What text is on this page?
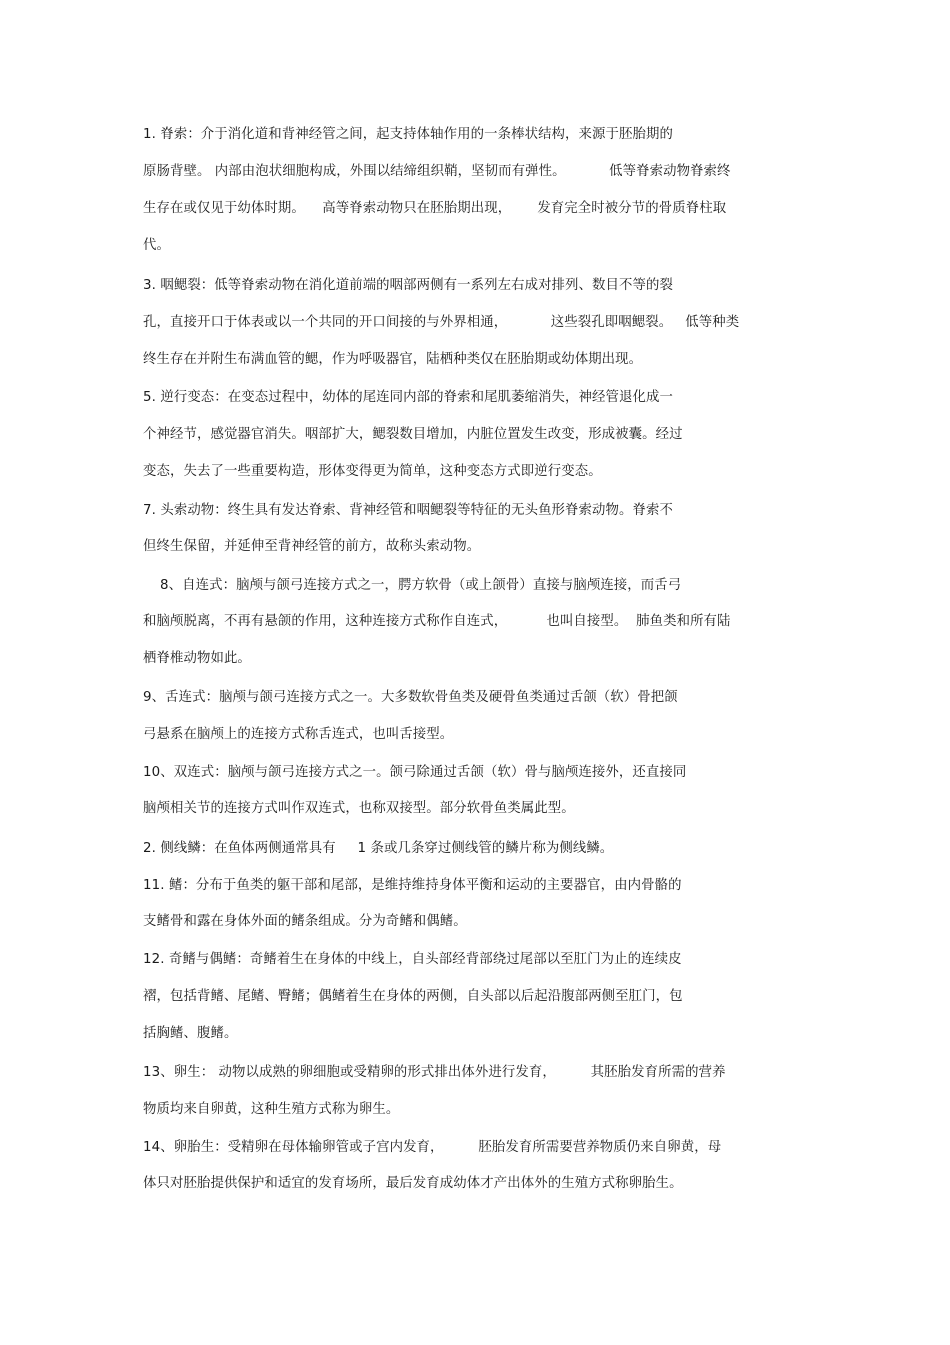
1. 脊索：介于消化道和背神经管之间，起支持体轴作用的一条棒状结构，来源于胚胎期的
原肠背壁。 内部由泡状细胞构成，外围以结缔组织鞘，坚韧而有弹性。          低等脊索动物脊索终
生存在或仅见于幼体时期。    高等脊索动物只在胚胎期出现，      发育完全时被分节的骨质脊柱取
代。
3. 咽鳃裂：低等脊索动物在消化道前端的咽部两侧有一系列左右成对排列、数目不等的裂
孔，直接开口于体表或以一个共同的开口间接的与外界相通，          这些裂孔即咽鳃裂。   低等种类
终生存在并附生布满血管的鳃，作为呼吸器官，陆栖种类仅在胚胎期或幼体期出现。
5. 逆行变态：在变态过程中，幼体的尾连同内部的脊索和尾肌萎缩消失，神经管退化成一
个神经节，感觉器官消失。咽部扩大，鳃裂数目增加，内脏位置发生改变，形成被囊。经过
变态，失去了一些重要构造，形体变得更为简单，这种变态方式即逆行变态。
7. 头索动物：终生具有发达脊索、背神经管和咽鳃裂等特征的无头鱼形脊索动物。脊索不
但终生保留，并延伸至背神经管的前方，故称头索动物。
8、自连式：脑颅与颌弓连接方式之一，腭方软骨（或上颌骨）直接与脑颅连接，而舌弓
和脑颅脱离，不再有悬颌的作用，这种连接方式称作自连式，         也叫自接型。  肺鱼类和所有陆
栖脊椎动物如此。
9、舌连式：脑颅与颌弓连接方式之一。大多数软骨鱼类及硬骨鱼类通过舌颌（软）骨把颌
弓悬系在脑颅上的连接方式称舌连式，也叫舌接型。
10、双连式：脑颅与颌弓连接方式之一。颌弓除通过舌颌（软）骨与脑颅连接外，还直接同
脑颅相关节的连接方式叫作双连式，也称双接型。部分软骨鱼类属此型。
2. 侧线鳞：在鱼体两侧通常具有     1 条或几条穿过侧线管的鳞片称为侧线鳞。
11. 鳍：分布于鱼类的躯干部和尾部，是维持维持身体平衡和运动的主要器官，由内骨骼的
支鳍骨和露在身体外面的鳍条组成。分为奇鳍和偶鳍。
12. 奇鳍与偶鳍：奇鳍着生在身体的中线上，自头部经背部绕过尾部以至肛门为止的连续皮
褶，包括背鳍、尾鳍、臀鳍；偶鳍着生在身体的两侧，自头部以后起沿腹部两侧至肛门，包
括胸鳍、腹鳍。
13、卵生： 动物以成熟的卵细胞或受精卵的形式排出体外进行发育，        其胚胎发育所需的营养
物质均来自卵黄，这种生殖方式称为卵生。
14、卵胎生：受精卵在母体输卵管或子宫内发育，        胚胎发育所需要营养物质仍来自卵黄，母
体只对胚胎提供保护和适宜的发育场所，最后发育成幼体才产出体外的生殖方式称卵胎生。
